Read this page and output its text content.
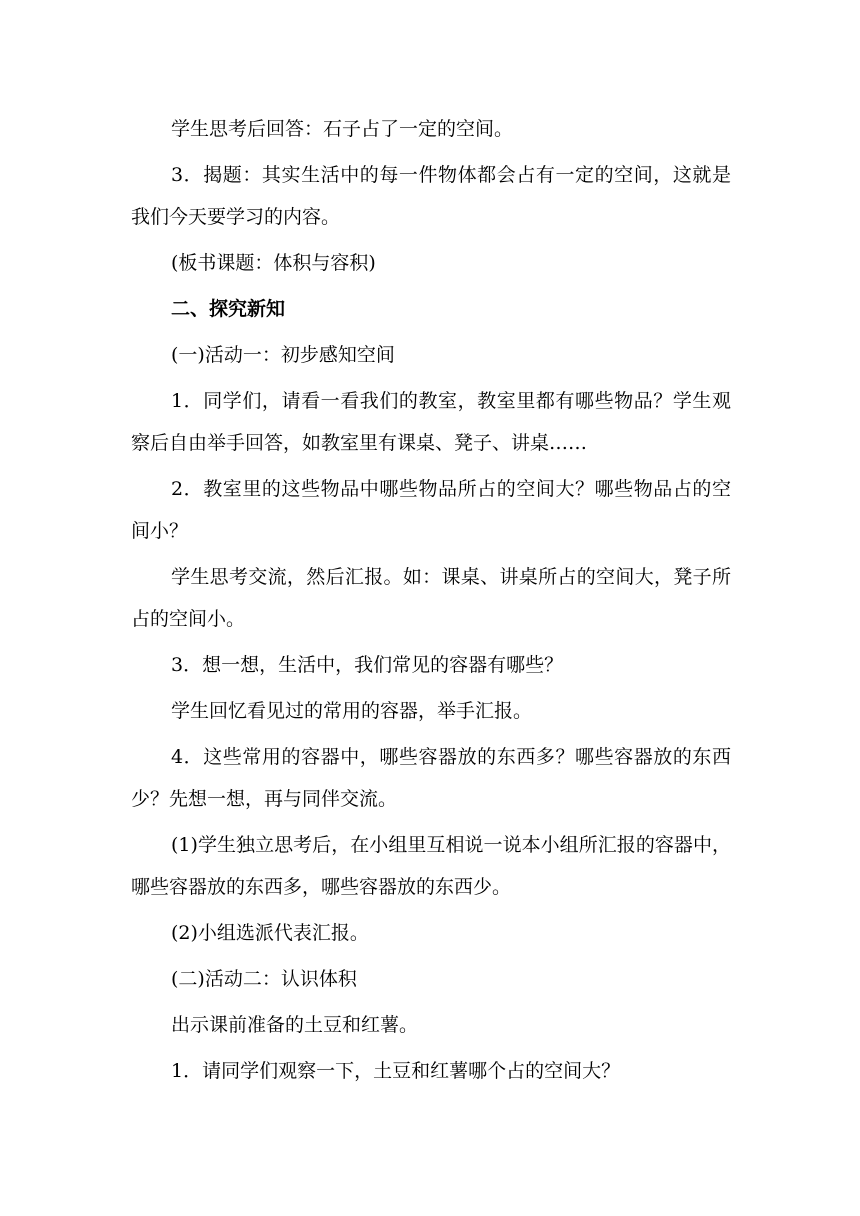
学生思考后回答：石子占了一定的空间。

3．揭题：其实生活中的每一件物体都会占有一定的空间，这就是我们今天要学习的内容。

(板书课题：体积与容积)

二、探究新知

(一)活动一：初步感知空间

1．同学们，请看一看我们的教室，教室里都有哪些物品？学生观察后自由举手回答，如教室里有课桌、凳子、讲桌……

2．教室里的这些物品中哪些物品所占的空间大？哪些物品占的空间小？

学生思考交流，然后汇报。如：课桌、讲桌所占的空间大，凳子所占的空间小。

3．想一想，生活中，我们常见的容器有哪些？

学生回忆看见过的常用的容器，举手汇报。

4．这些常用的容器中，哪些容器放的东西多？哪些容器放的东西少？先想一想，再与同伴交流。

(1)学生独立思考后，在小组里互相说一说本小组所汇报的容器中，哪些容器放的东西多，哪些容器放的东西少。

(2)小组选派代表汇报。

(二)活动二：认识体积

出示课前准备的土豆和红薯。

1．请同学们观察一下，土豆和红薯哪个占的空间大？
